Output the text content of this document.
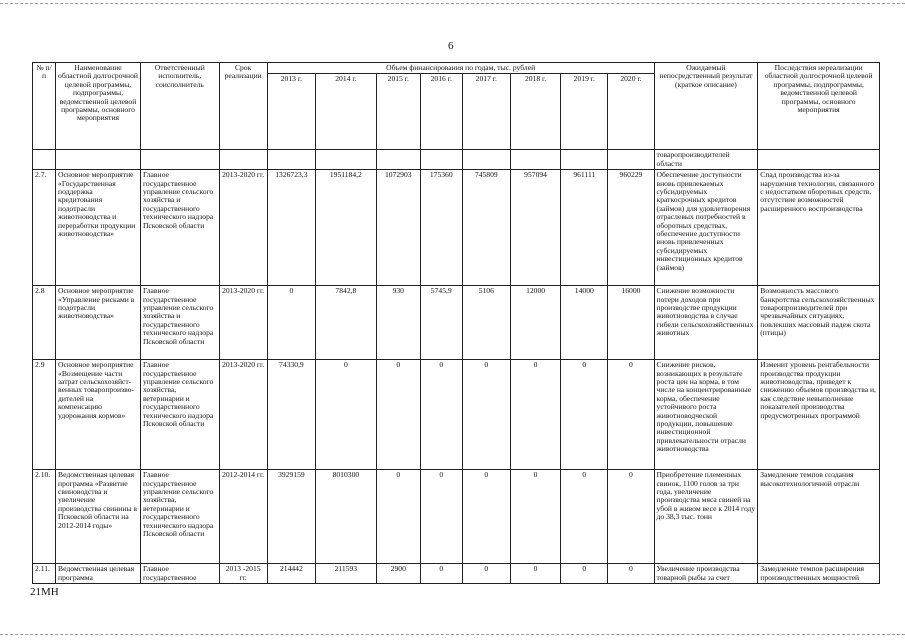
6
№ п/п	Наименование областной долгосрочной целевой программы, подпрограммы, ведомственной целевой программы, основного мероприятия	Ответственный исполнитель, соисполнитель	Срок реализации	Объем финансирования по годам, тыс. рублей								Ожидаемый непосредственный результат (краткое описание)	Последствия нереализации областной долгосрочной целевой программы, подпрограммы, ведомственной целевой программы, основного мероприятия
				2013 г.	2014 г.	2015 г.	2016 г.	2017 г.	2018 г.	2019 г.	2020 г.		
												товаропроизводителей области	
2.7.	Основное мероприятие «Государственная поддержка кредитования подотрасли животноводства и переработки продукции животноводства»	Главное государственное управление сельского хозяйства и государственного технического надзора Псковской области	2013-2020 гг.	1326723,3	1951184,2	1072903	175360	745809	957094	961111	960229	Обеспечение доступности вновь привлекаемых субсидируемых краткосрочных кредитов (займов) для удовлетворения отраслевых потребностей в оборотных средствах, обеспечение доступности вновь привлеченных субсидируемых инвестиционных кредитов (займов)	Спад производства из-за нарушения технологии, связанного с недостатком оборотных средств, отсутствие возможностей расширенного воспроизводства
2.8	Основное мероприятие «Управление рисками в подотрасли животноводства»	Главное государственное управление сельского хозяйства и государственного технического надзора Псковской области	2013-2020 гг.	0	7842,8	930	5745,9	5106	12000	14000	16000	Снижение возможности потери доходов при производстве продукции животноводства в случае гибели сельскохозяйственных животных	Возможность массового банкротства сельскохозяйственных товаропроизводителей при чрезвычайных ситуациях, повлекших массовый падеж скота (птицы)
2.9	Основное мероприятие «Возмещение части затрат сельскохозяйст-венных товаропроизво-дителей на компенсацию удорожания кормов»	Главное государственное управление сельского хозяйства, ветеринарии и государственного технического надзора Псковской области	2013-2020 гг.	74330,9	0	0	0	0	0	0	0	Снижение рисков, возникающих в результате роста цен на корма, в том числе на концентрированные корма, обеспечение устойчивого роста животноводческой продукции, повышение инвестиционной привлекательности отрасли животноводства	Изменит уровень рентабельности производства продукции животноводства, приведет к снижению объемов производства и, как следствие невыполнение показателей производства предусмотренных программой
2.10.	Ведомственная целевая программа «Развитие свиноводства и увеличение производства свинины в Псковской области на 2012-2014 годы»	Главное государственное управление сельского хозяйства, ветеринарии и государственного технического надзора Псковской области	2012-2014 гг.	3929159	8010300	0	0	0	0	0	0	Приобретение племенных свинок, 1100 голов за три года, увеличение производства мяса свиней на убой в живом весе к 2014 году до 38,3 тыс. тонн	Замедление темпов создания высокотехнологичной отрасли
2.11.	Ведомственная целевая программа	Главное государственное	2013 -2015 гг.	214442	211593	2900	0	0	0	0	0	Увеличение производства товарной рыбы за счет	Замедление темпов расширения производственных мощностей
21МН
